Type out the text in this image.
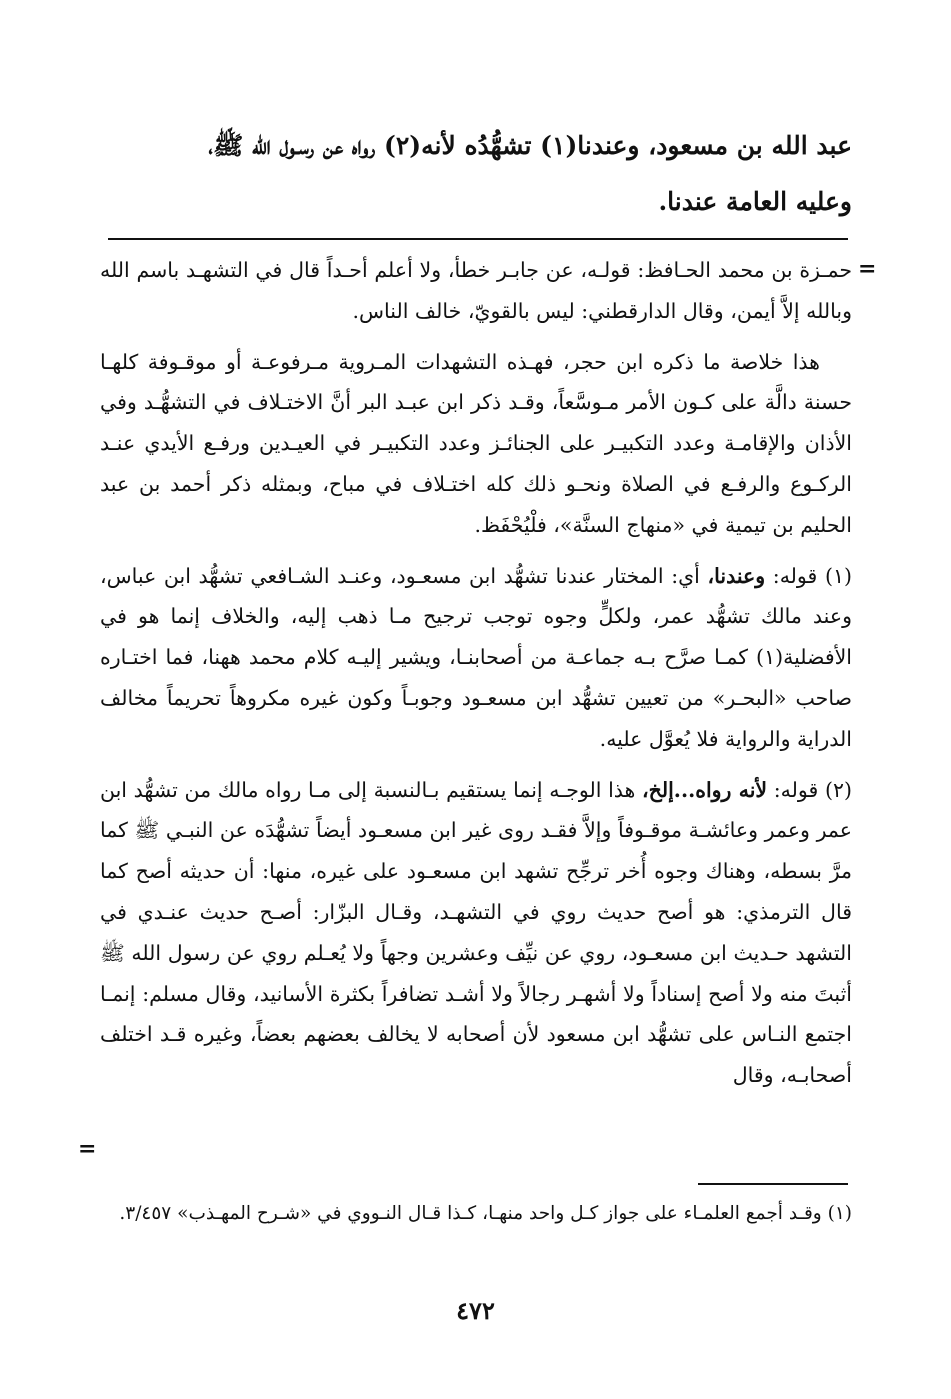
عبد الله بن مسعود، وعندنا(١) تشهُّدُه لأنه(٢) رواه عن رسـول الله ﷺ،

وعليه العامة عندنا.

=

حمـزة بن محمد الحـافظ: قولـه، عن جابـر خطأ، ولا أعلم أحـداً قال في التشهـد باسم الله وبالله إلاَّ أيمن، وقال الدارقطني: ليس بالقويّ، خالف الناس.

هذا خلاصة ما ذكره ابن حجر، فهـذه التشهدات المـروية مـرفوعـة أو موقـوفة كلهـا حسنة دالَّة على كـون الأمر مـوسَّعاً، وقـد ذكر ابن عبـد البر أنَّ الاختـلاف في التشهُّـد وفي الأذان والإقامـة وعدد التكبيـر على الجنائـز وعدد التكبيـر في العيـدين ورفـع الأيدي عنـد الركـوع والرفـع في الصلاة ونحـو ذلك كله اختـلاف في مباح، وبمثله ذكر أحمد بن عبد الحليم بن تيمية في «منهاج السنَّة»، فلْيُحْفَظ.

(١) قوله: وعندنا، أي: المختار عندنا تشهُّد ابن مسعـود، وعنـد الشـافعي تشهُّد ابن عباس، وعند مالك تشهُّد عمر، ولكلٍّ وجوه توجب ترجيح مـا ذهب إليه، والخلاف إنما هو في الأفضلية(١) كمـا صرَّح بـه جماعـة من أصحابنـا، ويشير إليـه كلام محمد ههنا، فما اختـاره صاحب «البحـر» من تعيين تشهُّد ابن مسعـود وجوبـاً وكون غيره مكروهاً تحريماً مخالف الدراية والرواية فلا يُعوَّل عليه.

(٢) قوله: لأنه رواه...إلخ، هذا الوجـه إنما يستقيم بـالنسبة إلى مـا رواه مالك من تشهُّد ابن عمر وعمر وعائشـة موقـوفاً وإلاَّ فقـد روى غير ابن مسعـود أيضاً تشهُّدَه عن النبـي ﷺ كما مرَّ بسطه، وهناك وجوه أُخر ترجِّح تشهد ابن مسعـود على غيره، منها: أن حديثه أصح كما قال الترمذي: هو أصح حديث روي في التشهـد، وقـال البزّار: أصـح حديث عنـدي في التشهد حـديث ابن مسعـود، روي عن نيِّف وعشرين وجهاً ولا يُعـلم روي عن رسول الله ﷺ أثبتَ منه ولا أصح إسناداً ولا أشهـر رجالاً ولا أشـد تضافراً بكثرة الأسانيد، وقال مسلم: إنمـا اجتمع النـاس على تشهُّد ابن مسعود لأن أصحابه لا يخالف بعضهم بعضاً، وغيره قـد اختلف أصحابـه، وقال

=

(١) وقـد أجمع العلمـاء على جواز كـل واحد منهـا، كـذا قـال النـووي في «شـرح المهـذب» ٣/٤٥٧.

٤٧٢
